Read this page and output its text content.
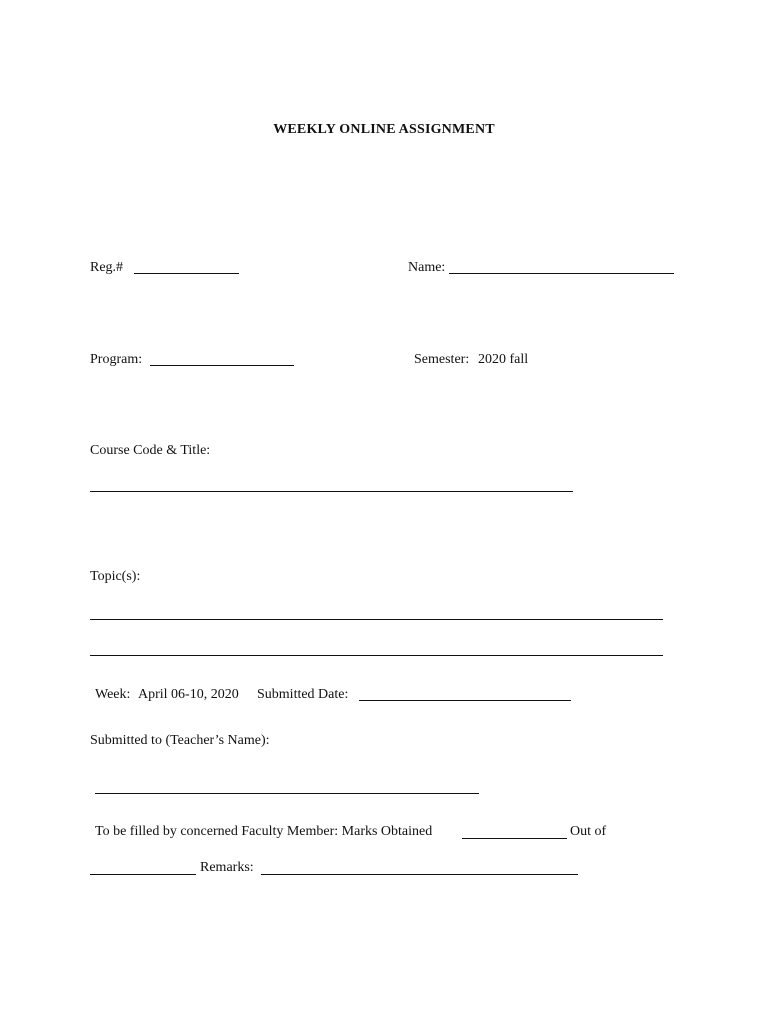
WEEKLY ONLINE ASSIGNMENT
Reg.#	Name:
Program:	Semester: 2020 fall
Course Code & Title:
Topic(s):
Week: April 06-10, 2020 Submitted Date:
Submitted to (Teacher’s Name):
To be filled by concerned Faculty Member: Marks Obtained	Out of
Remarks:
